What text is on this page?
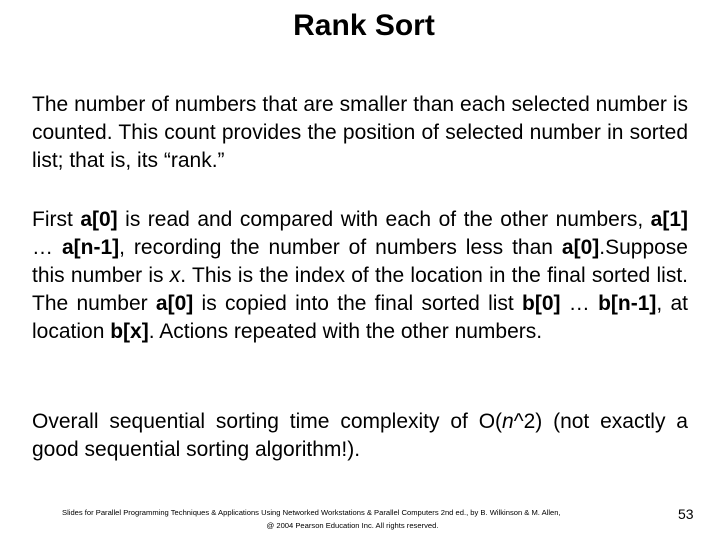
Rank Sort

The number of numbers that are smaller than each selected number is counted. This count provides the position of selected number in sorted list; that is, its “rank.”

First a[0] is read and compared with each of the other numbers, a[1] … a[n-1], recording the number of numbers less than a[0].Suppose this number is x. This is the index of the location in the final sorted list. The number a[0] is copied into the final sorted list b[0] … b[n-1], at location b[x]. Actions repeated with the other numbers.

Overall sequential sorting time complexity of O(n^2) (not exactly a good sequential sorting algorithm!).

Slides for Parallel Programming Techniques & Applications Using Networked Workstations & Parallel Computers 2nd ed., by B. Wilkinson & M. Allen,
@ 2004 Pearson Education Inc. All rights reserved.
53
